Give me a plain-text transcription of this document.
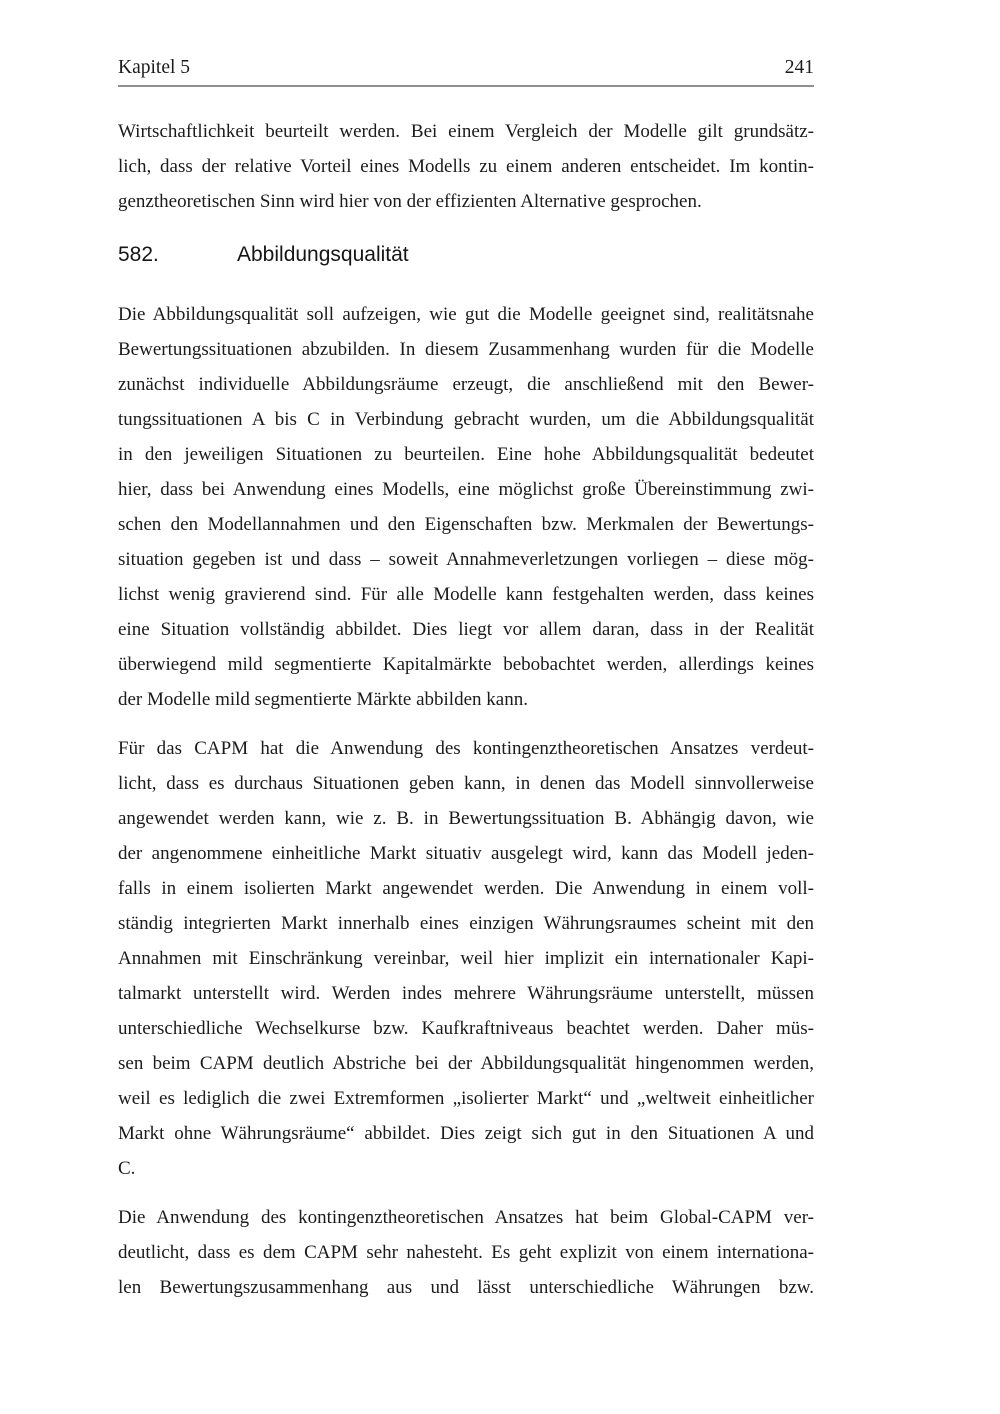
Kapitel 5	241
Wirtschaftlichkeit beurteilt werden. Bei einem Vergleich der Modelle gilt grundsätz-
lich, dass der relative Vorteil eines Modells zu einem anderen entscheidet. Im kontin-
genztheoretischen Sinn wird hier von der effizienten Alternative gesprochen.
582.	Abbildungsqualität
Die Abbildungsqualität soll aufzeigen, wie gut die Modelle geeignet sind, realitätsnahe
Bewertungssituationen abzubilden. In diesem Zusammenhang wurden für die Modelle
zunächst individuelle Abbildungsräume erzeugt, die anschließend mit den Bewer-
tungssituationen A bis C in Verbindung gebracht wurden, um die Abbildungsqualität
in den jeweiligen Situationen zu beurteilen. Eine hohe Abbildungsqualität bedeutet
hier, dass bei Anwendung eines Modells, eine möglichst große Übereinstimmung zwi-
schen den Modellannahmen und den Eigenschaften bzw. Merkmalen der Bewertungs-
situation gegeben ist und dass – soweit Annahmeverletzungen vorliegen – diese mög-
lichst wenig gravierend sind. Für alle Modelle kann festgehalten werden, dass keines
eine Situation vollständig abbildet. Dies liegt vor allem daran, dass in der Realität
überwiegend mild segmentierte Kapitalmärkte bebobachtet werden, allerdings keines
der Modelle mild segmentierte Märkte abbilden kann.
Für das CAPM hat die Anwendung des kontingenztheoretischen Ansatzes verdeut-
licht, dass es durchaus Situationen geben kann, in denen das Modell sinnvollerweise
angewendet werden kann, wie z. B. in Bewertungssituation B. Abhängig davon, wie
der angenommene einheitliche Markt situativ ausgelegt wird, kann das Modell jeden-
falls in einem isolierten Markt angewendet werden. Die Anwendung in einem voll-
ständig integrierten Markt innerhalb eines einzigen Währungsraumes scheint mit den
Annahmen mit Einschränkung vereinbar, weil hier implizit ein internationaler Kapi-
talmarkt unterstellt wird. Werden indes mehrere Währungsräume unterstellt, müssen
unterschiedliche Wechselkurse bzw. Kaufkraftniveaus beachtet werden. Daher müs-
sen beim CAPM deutlich Abstriche bei der Abbildungsqualität hingenommen werden,
weil es lediglich die zwei Extremformen „isolierter Markt“ und „weltweit einheitlicher
Markt ohne Währungsräume“ abbildet. Dies zeigt sich gut in den Situationen A und
C.
Die Anwendung des kontingenztheoretischen Ansatzes hat beim Global-CAPM ver-
deutlicht, dass es dem CAPM sehr nahesteht. Es geht explizit von einem internationa-
len Bewertungszusammenhang aus und lässt unterschiedliche Währungen bzw.
